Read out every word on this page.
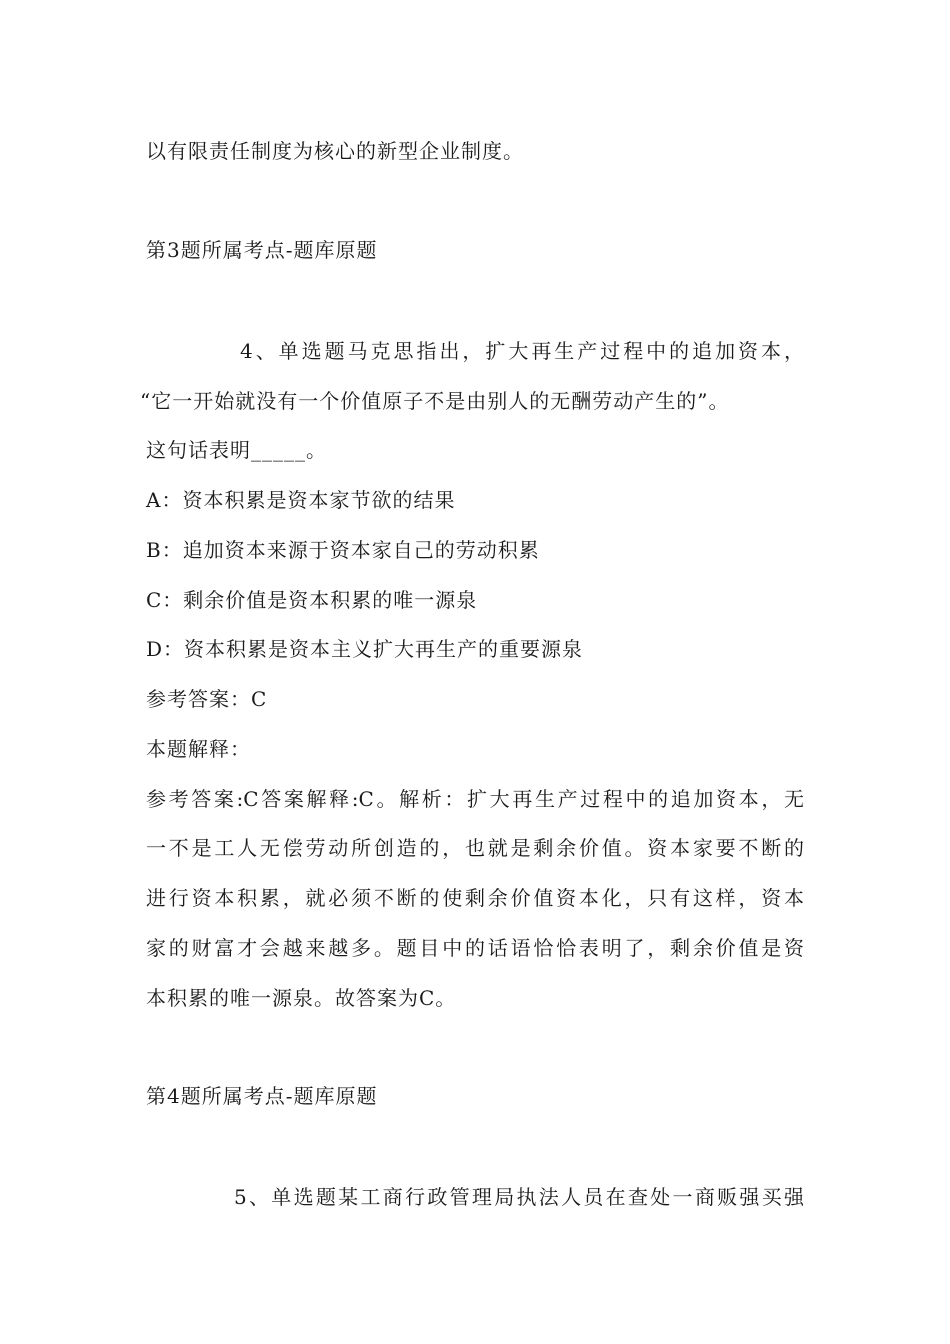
以有限责任制度为核心的新型企业制度。
第3题所属考点-题库原题
4、单选题马克思指出，扩大再生产过程中的追加资本，
“它一开始就没有一个价值原子不是由别人的无酬劳动产生的”。
这句话表明_____。
A：资本积累是资本家节欲的结果
B：追加资本来源于资本家自己的劳动积累
C：剩余价值是资本积累的唯一源泉
D：资本积累是资本主义扩大再生产的重要源泉
参考答案：C
本题解释：
参考答案:C答案解释:C。解析：扩大再生产过程中的追加资本，无
一不是工人无偿劳动所创造的，也就是剩余价值。资本家要不断的
进行资本积累，就必须不断的使剩余价值资本化，只有这样，资本
家的财富才会越来越多。题目中的话语恰恰表明了，剩余价值是资
本积累的唯一源泉。故答案为C。
第4题所属考点-题库原题
5、单选题某工商行政管理局执法人员在查处一商贩强买强
